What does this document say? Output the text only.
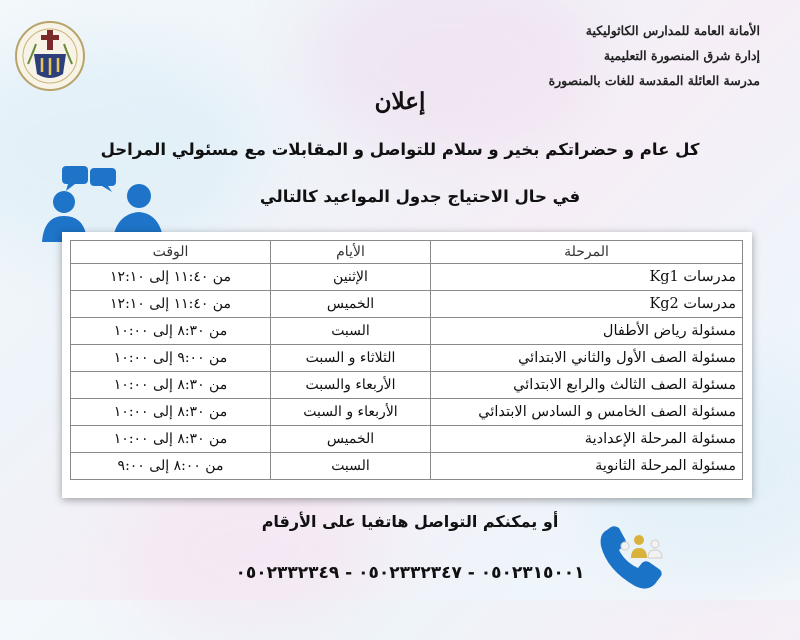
الأمانة العامة للمدارس الكاثوليكية
إدارة شرق المنصورة التعليمية
مدرسة العائلة المقدسة للغات بالمنصورة
إعلان
كل عام و حضراتكم بخير و سلام للتواصل و المقابلات مع مسئولي المراحل
في حال الاحتياج جدول المواعيد كالتالي
المرحلة	الأيام	الوقت
مدرسات Kg1	الإثنين	من ١١:٤٠ إلى ١٢:١٠
مدرسات Kg2	الخميس	من ١١:٤٠ إلى ١٢:١٠
مسئولة رياض الأطفال	السبت	من ٨:٣٠ إلى ١٠:٠٠
مسئولة الصف الأول والثاني الابتدائي	الثلاثاء و السبت	من ٩:٠٠ إلى ١٠:٠٠
مسئولة الصف الثالث والرابع الابتدائي	الأربعاء والسبت	من ٨:٣٠ إلى ١٠:٠٠
مسئولة الصف الخامس و السادس الابتدائي	الأربعاء و السبت	من ٨:٣٠ إلى ١٠:٠٠
مسئولة المرحلة الإعدادية	الخميس	من ٨:٣٠ إلى ١٠:٠٠
مسئولة المرحلة الثانوية	السبت	من ٨:٠٠ إلى ٩:٠٠
أو يمكنكم التواصل هاتفيا على الأرقام
٠٥٠٢٣١٥٠٠١ - ٠٥٠٢٣٣٢٣٤٧ - ٠٥٠٢٣٣٢٣٤٩
